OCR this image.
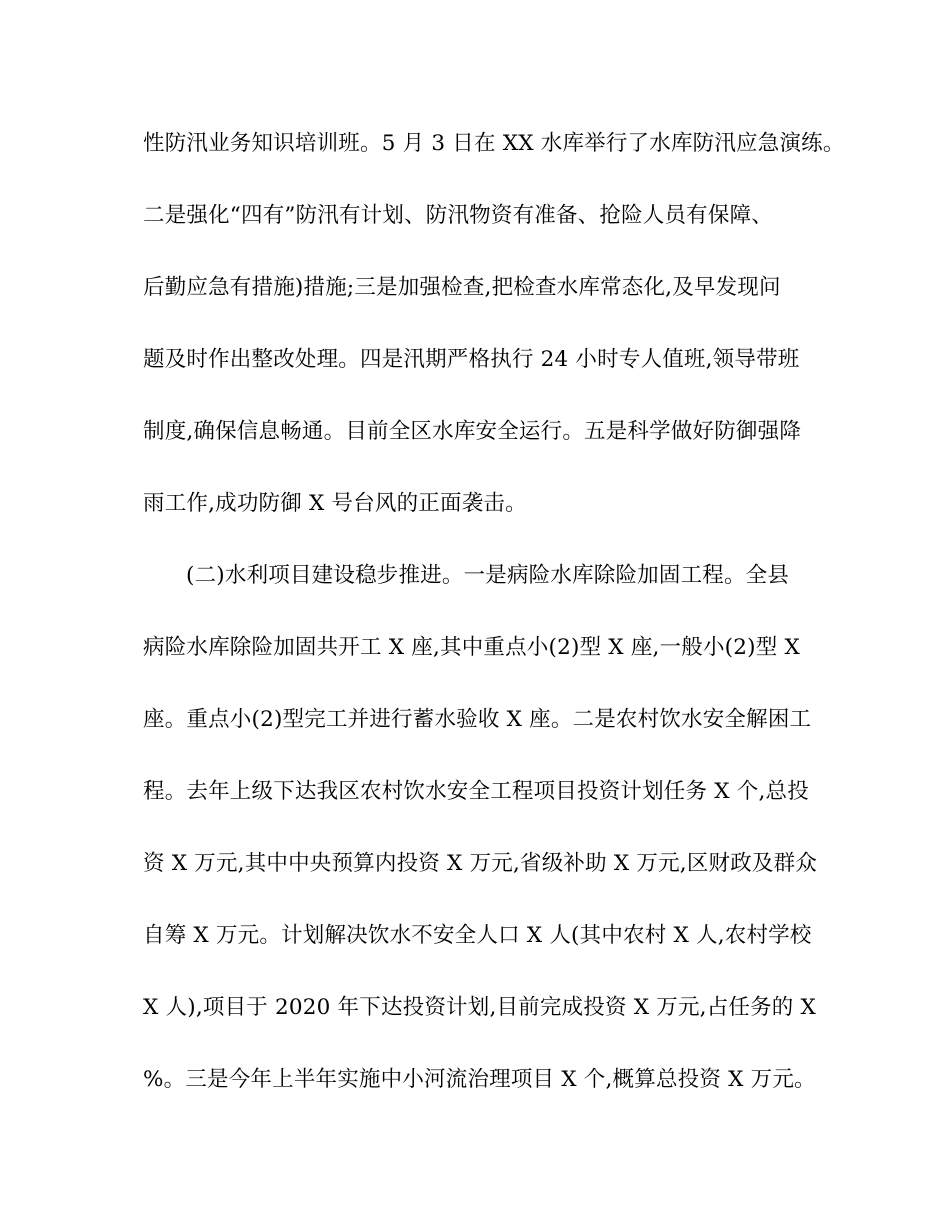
性防汛业务知识培训班。5 月 3 日在 XX 水库举行了水库防汛应急演练。
二是强化“四有”防汛有计划、防汛物资有准备、抢险人员有保障、
后勤应急有措施)措施;三是加强检查,把检查水库常态化,及早发现问
题及时作出整改处理。四是汛期严格执行 24 小时专人值班,领导带班
制度,确保信息畅通。目前全区水库安全运行。五是科学做好防御强降
雨工作,成功防御 X 号台风的正面袭击。
(二)水利项目建设稳步推进。一是病险水库除险加固工程。全县
病险水库除险加固共开工 X 座,其中重点小(2)型 X 座,一般小(2)型 X
座。重点小(2)型完工并进行蓄水验收 X 座。二是农村饮水安全解困工
程。去年上级下达我区农村饮水安全工程项目投资计划任务 X 个,总投
资 X 万元,其中中央预算内投资 X 万元,省级补助 X 万元,区财政及群众
自筹 X 万元。计划解决饮水不安全人口 X 人(其中农村 X 人,农村学校
X 人),项目于 2020 年下达投资计划,目前完成投资 X 万元,占任务的 X
%。三是今年上半年实施中小河流治理项目 X 个,概算总投资 X 万元。
